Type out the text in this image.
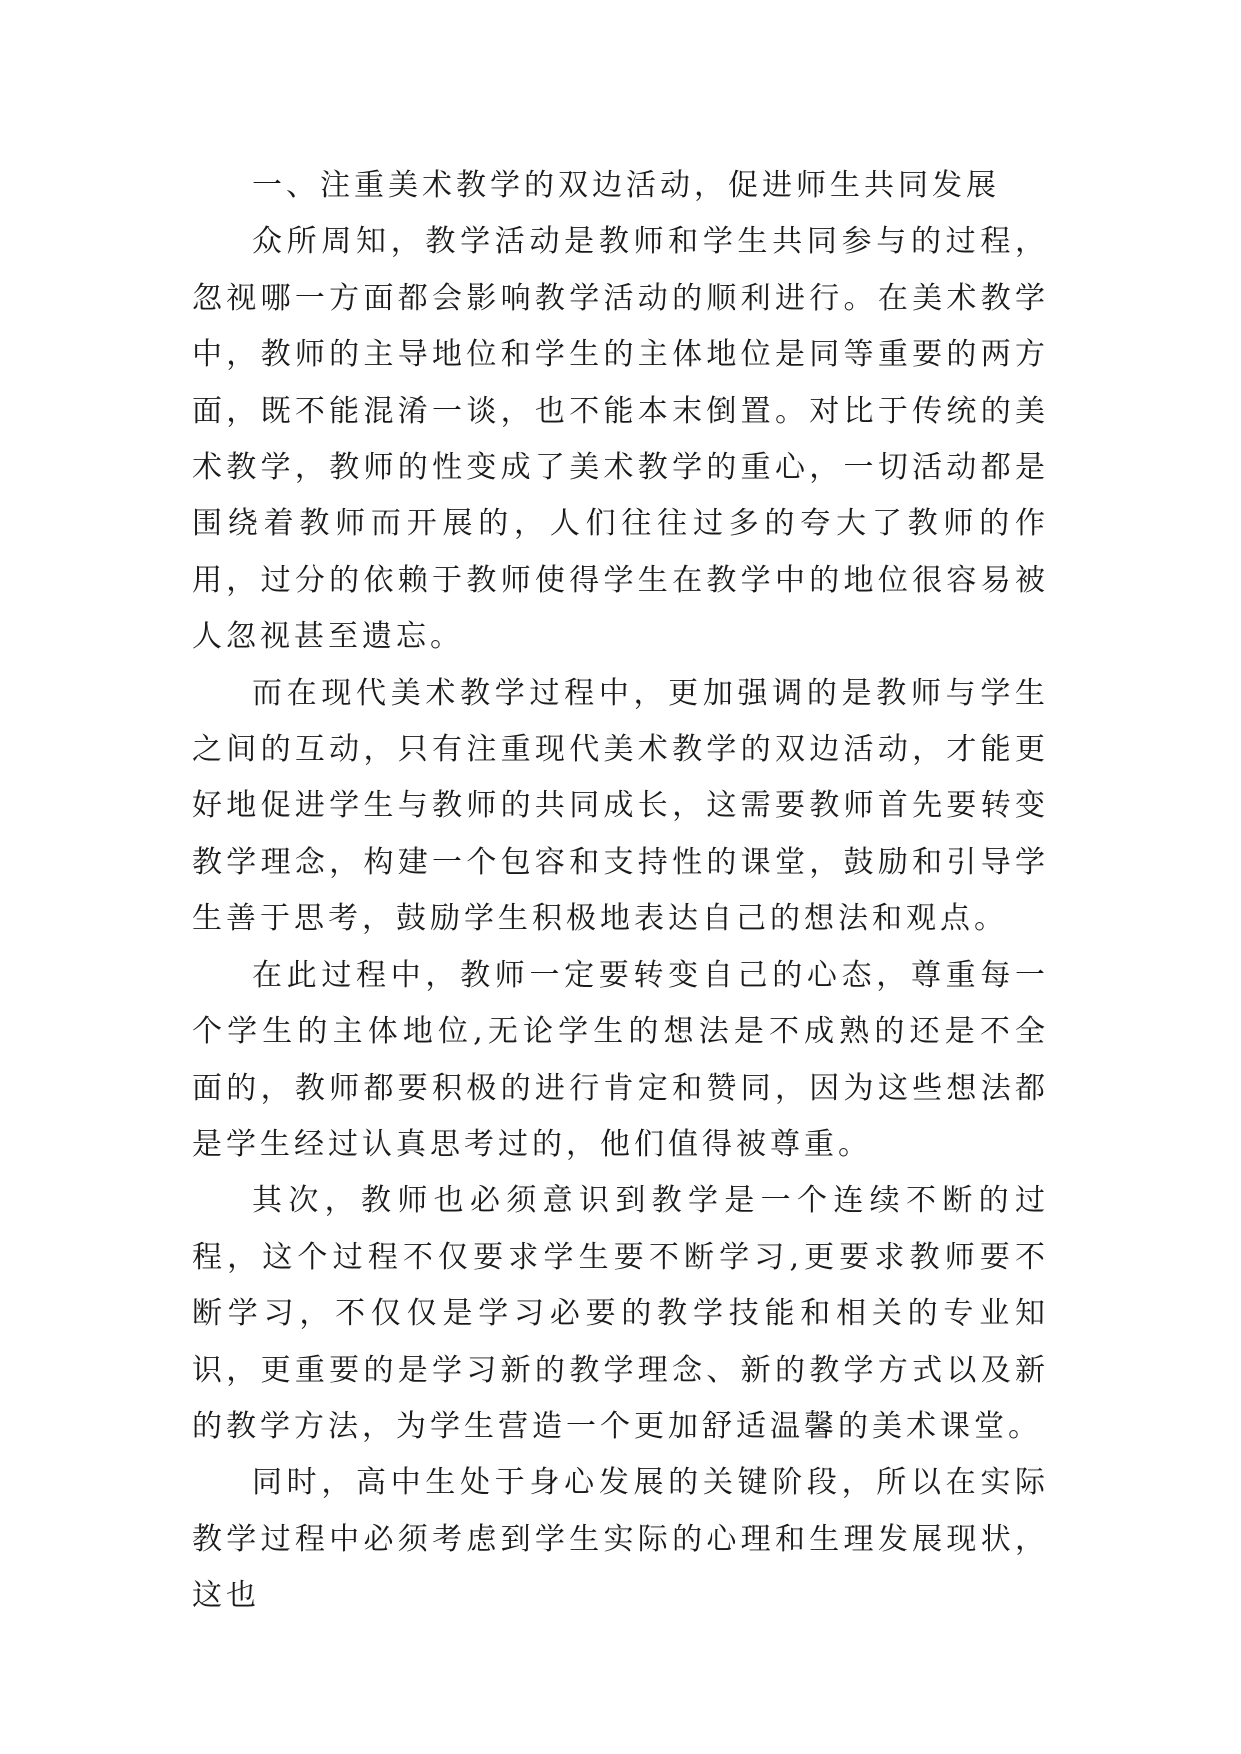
一、注重美术教学的双边活动，促进师生共同发展

众所周知，教学活动是教师和学生共同参与的过程，忽视哪一方面都会影响教学活动的顺利进行。在美术教学中，教师的主导地位和学生的主体地位是同等重要的两方面，既不能混淆一谈，也不能本末倒置。对比于传统的美术教学，教师的性变成了美术教学的重心，一切活动都是围绕着教师而开展的，人们往往过多的夸大了教师的作用，过分的依赖于教师使得学生在教学中的地位很容易被人忽视甚至遗忘。

而在现代美术教学过程中，更加强调的是教师与学生之间的互动，只有注重现代美术教学的双边活动，才能更好地促进学生与教师的共同成长，这需要教师首先要转变教学理念，构建一个包容和支持性的课堂，鼓励和引导学生善于思考，鼓励学生积极地表达自己的想法和观点。

在此过程中，教师一定要转变自己的心态，尊重每一个学生的主体地位,无论学生的想法是不成熟的还是不全面的，教师都要积极的进行肯定和赞同，因为这些想法都是学生经过认真思考过的，他们值得被尊重。

其次，教师也必须意识到教学是一个连续不断的过程，这个过程不仅要求学生要不断学习,更要求教师要不断学习，不仅仅是学习必要的教学技能和相关的专业知识，更重要的是学习新的教学理念、新的教学方式以及新的教学方法，为学生营造一个更加舒适温馨的美术课堂。

同时，高中生处于身心发展的关键阶段，所以在实际教学过程中必须考虑到学生实际的心理和生理发展现状，这也
